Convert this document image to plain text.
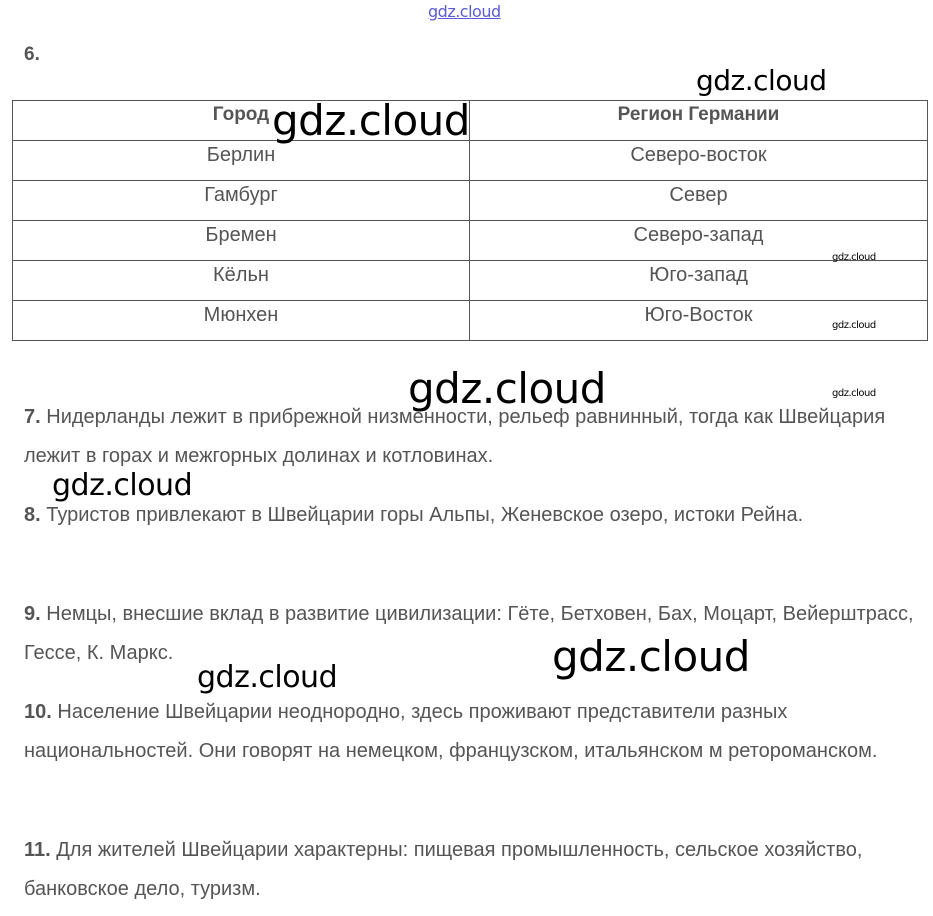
6.
Город	Регион Германии
Берлин	Северо-восток
Гамбург	Север
Бремен	Северо-запад
Кёльн	Юго-запад
Мюнхен	Юго-Восток
7. Нидерланды лежит в прибрежной низменности, рельеф равнинный, тогда как Швейцария лежит в горах и межгорных долинах и котловинах.
8. Туристов привлекают в Швейцарии горы Альпы, Женевское озеро, истоки Рейна.
9. Немцы, внесшие вклад в развитие цивилизации: Гёте, Бетховен, Бах, Моцарт, Вейерштрасс, Гессе, К. Маркс.
10. Население Швейцарии неоднородно, здесь проживают представители разных национальностей. Они говорят на немецком, французском, итальянском м ретороманском.
11. Для жителей Швейцарии характерны: пищевая промышленность, сельское хозяйство, банковское дело, туризм.
gdz.cloud
gdz.cloud
gdz.cloud
gdz.cloud
gdz.cloud
gdz.cloud
gdz.cloud
gdz.cloud
gdz.cloud
gdz.cloud
